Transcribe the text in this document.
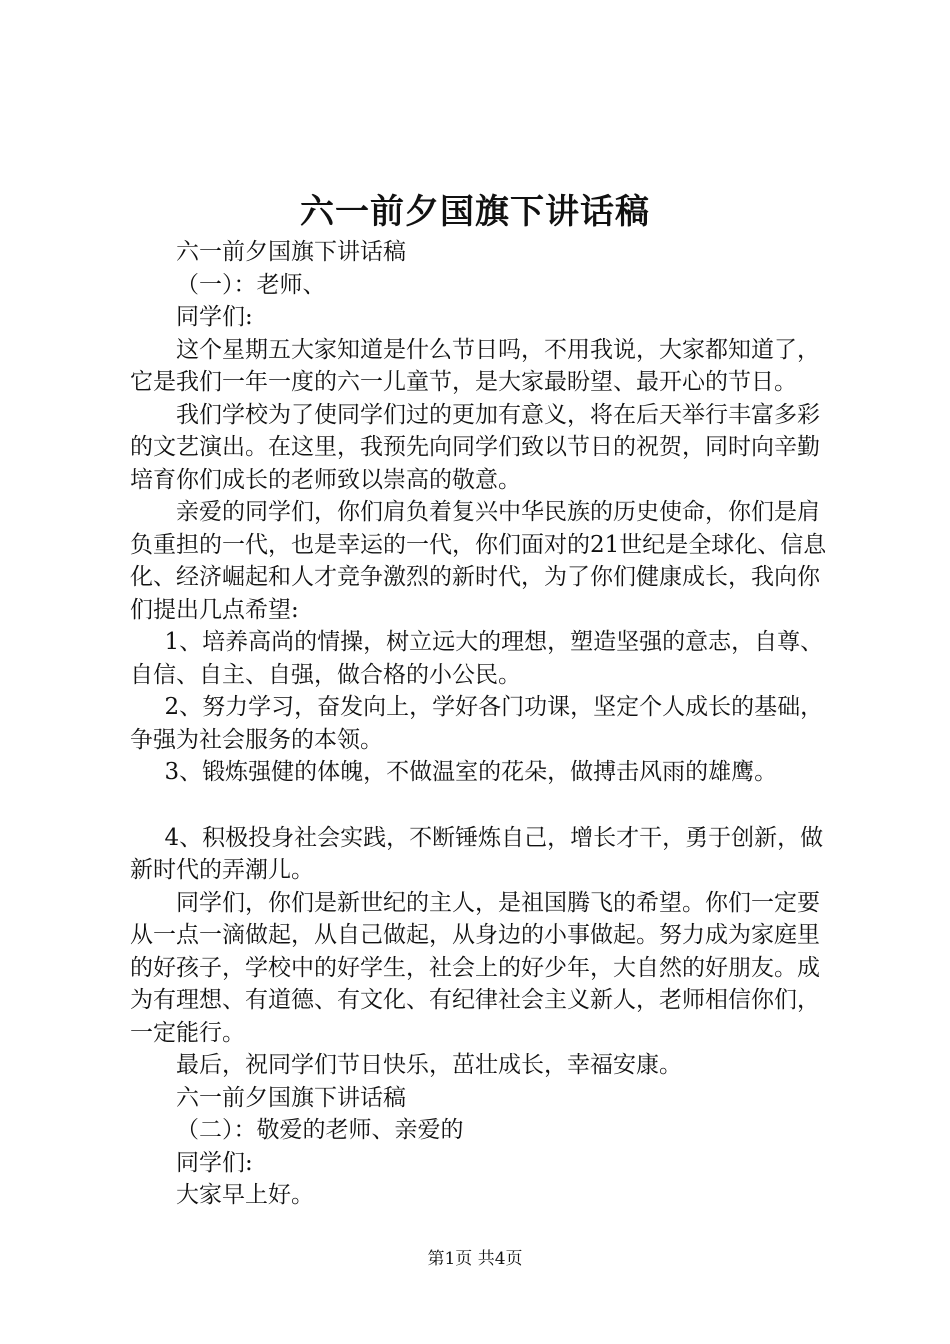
六一前夕国旗下讲话稿

六一前夕国旗下讲话稿

（一）：老师、

同学们:

这个星期五大家知道是什么节日吗，不用我说，大家都知道了，它是我们一年一度的六一儿童节，是大家最盼望、最开心的节日。

我们学校为了使同学们过的更加有意义，将在后天举行丰富多彩的文艺演出。在这里，我预先向同学们致以节日的祝贺，同时向辛勤培育你们成长的老师致以崇高的敬意。

亲爱的同学们，你们肩负着复兴中华民族的历史使命，你们是肩负重担的一代，也是幸运的一代，你们面对的21世纪是全球化、信息化、经济崛起和人才竞争激烈的新时代，为了你们健康成长，我向你们提出几点希望:

1、培养高尚的情操，树立远大的理想，塑造坚强的意志，自尊、自信、自主、自强，做合格的小公民。

2、努力学习，奋发向上，学好各门功课，坚定个人成长的基础，争强为社会服务的本领。

3、锻炼强健的体魄，不做温室的花朵，做搏击风雨的雄鹰。

4、积极投身社会实践，不断锤炼自己，增长才干，勇于创新，做新时代的弄潮儿。

同学们，你们是新世纪的主人，是祖国腾飞的希望。你们一定要从一点一滴做起，从自己做起，从身边的小事做起。努力成为家庭里的好孩子，学校中的好学生，社会上的好少年，大自然的好朋友。成为有理想、有道德、有文化、有纪律社会主义新人，老师相信你们，一定能行。

最后，祝同学们节日快乐，茁壮成长，幸福安康。

六一前夕国旗下讲话稿

（二）：敬爱的老师、亲爱的

同学们:

大家早上好。

第1页 共4页
